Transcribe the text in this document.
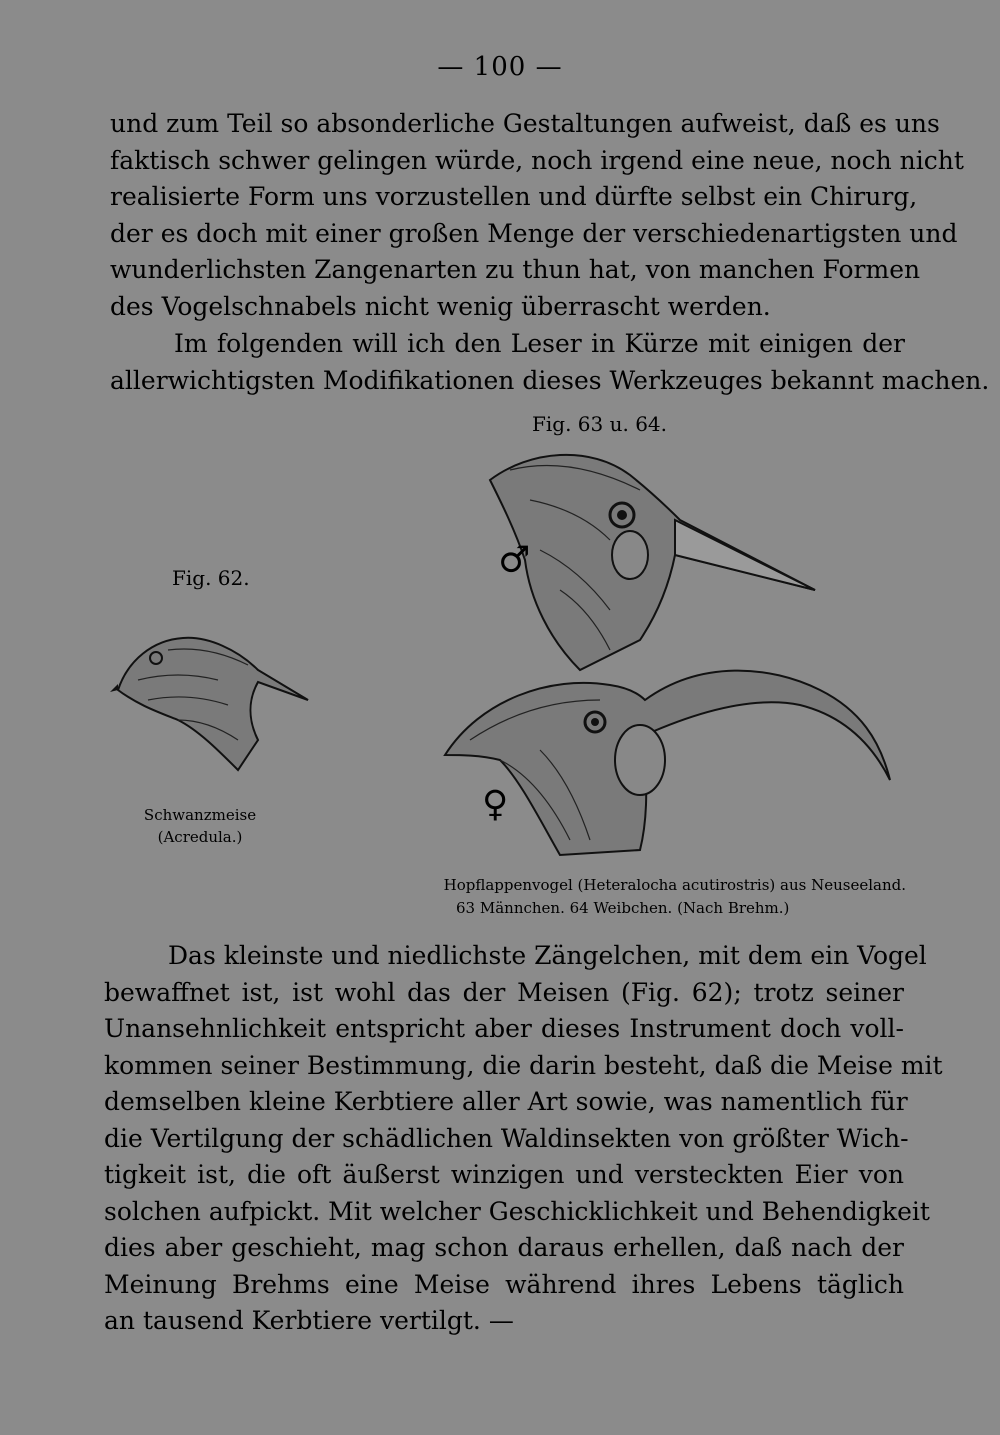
— 100 —
und zum Teil so absonderliche Gestaltungen aufweist, daß es uns
faktisch schwer gelingen würde, noch irgend eine neue, noch nicht
realisierte Form uns vorzustellen und dürfte selbst ein Chirurg,
der es doch mit einer großen Menge der verschiedenartigsten und
wunderlichsten Zangenarten zu thun hat, von manchen Formen
des Vogelschnabels nicht wenig überrascht werden.
Im folgenden will ich den Leser in Kürze mit einigen der
allerwichtigsten Modifikationen dieses Werkzeuges bekannt machen.
Fig. 63 u. 64.
Fig. 62.
Schwanzmeise
(Acredula.)
♂
♀
Hopflappenvogel (Heteralocha acutirostris) aus Neuseeland.
63 Männchen. 64 Weibchen. (Nach Brehm.)
Das kleinste und niedlichste Zängelchen, mit dem ein Vogel
bewaffnet ist, ist wohl das der Meisen (Fig. 62); trotz seiner
Unansehnlichkeit entspricht aber dieses Instrument doch voll-
kommen seiner Bestimmung, die darin besteht, daß die Meise mit
demselben kleine Kerbtiere aller Art sowie, was namentlich für
die Vertilgung der schädlichen Waldinsekten von größter Wich-
tigkeit ist, die oft äußerst winzigen und versteckten Eier von
solchen aufpickt. Mit welcher Geschicklichkeit und Behendigkeit
dies aber geschieht, mag schon daraus erhellen, daß nach der
Meinung Brehms eine Meise während ihres Lebens täglich
an tausend Kerbtiere vertilgt. —
